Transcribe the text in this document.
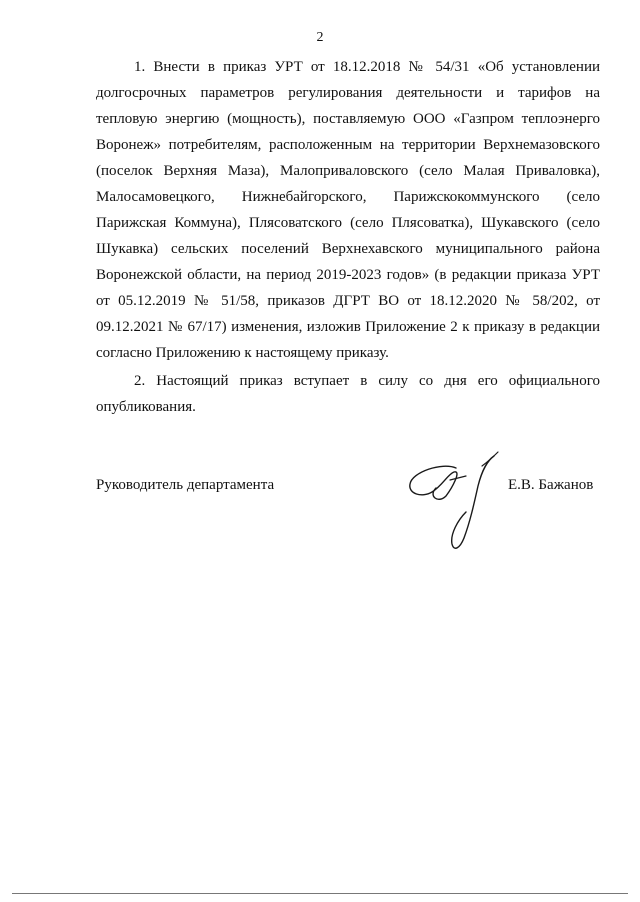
2
1. Внести в приказ УРТ от 18.12.2018 № 54/31 «Об установлении
долгосрочных параметров регулирования деятельности и тарифов на
тепловую энергию (мощность), поставляемую ООО «Газпром теплоэнерго
Воронеж» потребителям, расположенным на территории Верхнемазовского
(поселок Верхняя Маза), Малоприваловского (село Малая Приваловка),
Малосамовецкого, Нижнебайгорского, Парижскокоммунского (село
Парижская Коммуна), Плясоватского (село Плясоватка), Шукавского (село
Шукавка) сельских поселений Верхнехавского муниципального района
Воронежской области, на период 2019-2023 годов» (в редакции приказа УРТ
от 05.12.2019 № 51/58, приказов ДГРТ ВО от 18.12.2020 № 58/202, от
09.12.2021 № 67/17) изменения, изложив Приложение 2 к приказу в редакции
согласно Приложению к настоящему приказу.
2. Настоящий приказ вступает в силу со дня его официального
опубликования.
Руководитель департамента	Е.В. Бажанов
